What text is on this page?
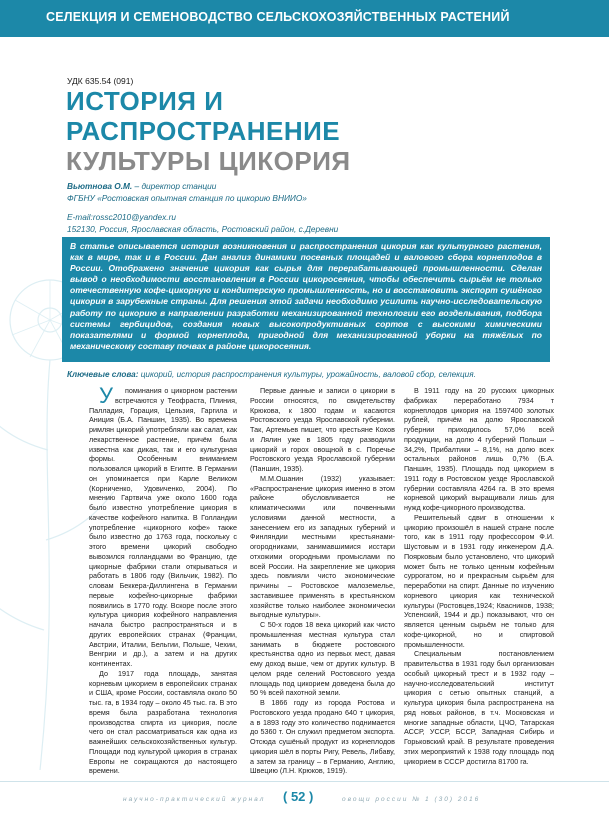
СЕЛЕКЦИЯ И СЕМЕНОВОДСТВО СЕЛЬСКОХОЗЯЙСТВЕННЫХ РАСТЕНИЙ
УДК 635.54 (091)
ИСТОРИЯ И
РАСПРОСТРАНЕНИЕ
КУЛЬТУРЫ ЦИКОРИЯ
Вьютнова О.М. – директор станции
ФГБНУ «Ростовская опытная станция по цикорию ВНИИО»
E-mail:rossc2010@yandex.ru
152130, Россия, Ярославская область, Ростовский район, с.Деревни
В статье описывается история возникновения и распространения цикория как культурного растения, как в мире, так и в России. Дан анализ динамики посевных площадей и валового сбора корнеплодов в России. Отображено значение цикория как сырья для перерабатывающей промышленности. Сделан вывод о необходимости восстановления в России цикоросеяния, чтобы обеспечить сырьём не только отечественную кофе-цикорную и кондитерскую промышленность, но и восстановить экспорт сушёного цикория в зарубежные страны. Для решения этой задачи необходимо усилить научно-исследовательскую работу по цикорию в направлении разработки механизированной технологии его возделывания, подбора системы гербицидов, создания новых высокопродуктивных сортов с высокими химическими показателями и формой корнеплода, пригодной для механизированной уборки на тяжёлых по механическому составу почвах в районе цикоросеяния.
Ключевые слова: цикорий, история распространения культуры, урожайность, валовой сбор, селекция.

У поминания о цикорном растении встречаются у Теофраста, Плиния, Палладия, Горация, Цельзия, Гаргила и Аниция (Б.А. Паншин, 1935). Во времена римлян цикорий употребляли как салат, как лекарственное растение, причём была известна как дикая, так и его культурная формы. Особенным вниманием пользовался цикорий в Египте. В Германии он упоминается при Карле Великом (Корниченко, Удовиченко, 2004). По мнению Гартвича уже около 1600 года было известно употребление цикория в качестве кофейного напитка. В Голландии употребление «цикорного кофе» также было известно до 1763 года, поскольку с этого времени цикорий свободно вывозился голландцами во Францию, где цикорные фабрики стали открываться и работать в 1806 году (Вильчик, 1982). По словам Беккера-Диллингена в Германии первые кофейно-цикорные фабрики появились в 1770 году. Вскоре после этого культура цикория кофейного направления начала быстро распространяться и в других европейских странах (Франции, Австрии, Италии, Бельгии, Польше, Чехии, Венгрии и др.), а затем и на других континентах.

До 1917 года площадь, занятая корневым цикорием в европейских странах и США, кроме России, составляла около 50 тыс. га, в 1934 году – около 45 тыс. га. В это время была разработана технология производства спирта из цикория, после чего он стал рассматриваться как одна из важнейших сельскохозяйственных культур. Площади под культурой цикория в странах Европы не сокращаются до настоящего времени.

Первые данные и записи о цикории в России относятся, по свидетельству Крюкова, к 1800 годам и касаются Ростовского уезда Ярославской губернии. Так, Артемьев пишет, что крестьяне Кохов и Лялин уже в 1805 году разводили цикорий и горох овощной в с. Поречье Ростовского уезда Ярославской губернии (Паншин, 1935).

М.М.Ошанин (1932) указывает: «Распространение цикория именно в этом районе обусловливается не климатическими или почвенными условиями данной местности, а занесением его из западных губерний и Финляндии местными крестьянами-огородниками, занимавшимися исстари отхожими огородными промыслами по всей России. На закрепление же цикория здесь повлияли чисто экономические причины – Ростовское малоземелье, заставившее применять в крестьянском хозяйстве только наиболее экономически выгодные культуры».

С 50-х годов 18 века цикорий как чисто промышленная местная культура стал занимать в бюджете ростовского крестьянства одно из первых мест, давая ему доход выше, чем от других культур. В целом ряде селений Ростовского уезда площадь под цикорием доведена была до 50 % всей пахотной земли.

В 1866 году из города Ростова и Ростовского уезда продано 640 т цикория, а в 1893 году это количество поднимается до 5360 т. Он служил предметом экспорта. Отсюда сушёный продукт из корнеплодов цикория шёл в порты Ригу, Ревель, Либаву, а затем за границу – в Германию, Англию, Швецию (Л.Н. Крюков, 1919).

В 1911 году на 20 русских цикорных фабриках переработано 7934 т корнеплодов цикория на 1597400 золотых рублей, причём на долю Ярославской губернии приходилось 57,0% всей продукции, на долю 4 губерний Польши – 34,2%, Прибалтики – 8,1%, на долю всех остальных районов лишь 0,7% (Б.А. Паншин, 1935). Площадь под цикорием в 1911 году в Ростовском уезде Ярославской губернии составляла 4264 га. В это время корневой цикорий выращивали лишь для нужд кофе-цикорного производства.

Решительный сдвиг в отношении к цикорию произошёл в нашей стране после того, как в 1911 году профессором Ф.И. Шустовым и в 1931 году инженером Д.А. Поярковым было установлено, что цикорий может быть не только ценным кофейным суррогатом, но и прекрасным сырьём для переработки на спирт. Данные по изучению корневого цикория как технической культуры (Ростовцев,1924; Квасников, 1938; Успенский, 1944 и др.) показывают, что он является ценным сырьём не только для кофе-цикорной, но и спиртовой промышленности.

Специальным постановлением правительства в 1931 году был организован особый цикорный трест и в 1932 году – научно-исследовательский институт цикория с сетью опытных станций, а культура цикория была распространена на ряд новых районов, в т.ч. Московская и многие западные области, ЦЧО, Татарская АССР, УССР, БССР, Западная Сибирь и Горьковский край. В результате проведения этих мероприятий к 1938 году площадь под цикорием в СССР достигла 81700 га.

научно-практический журнал ( 52 )	овощи россии № 1 (30) 2016
